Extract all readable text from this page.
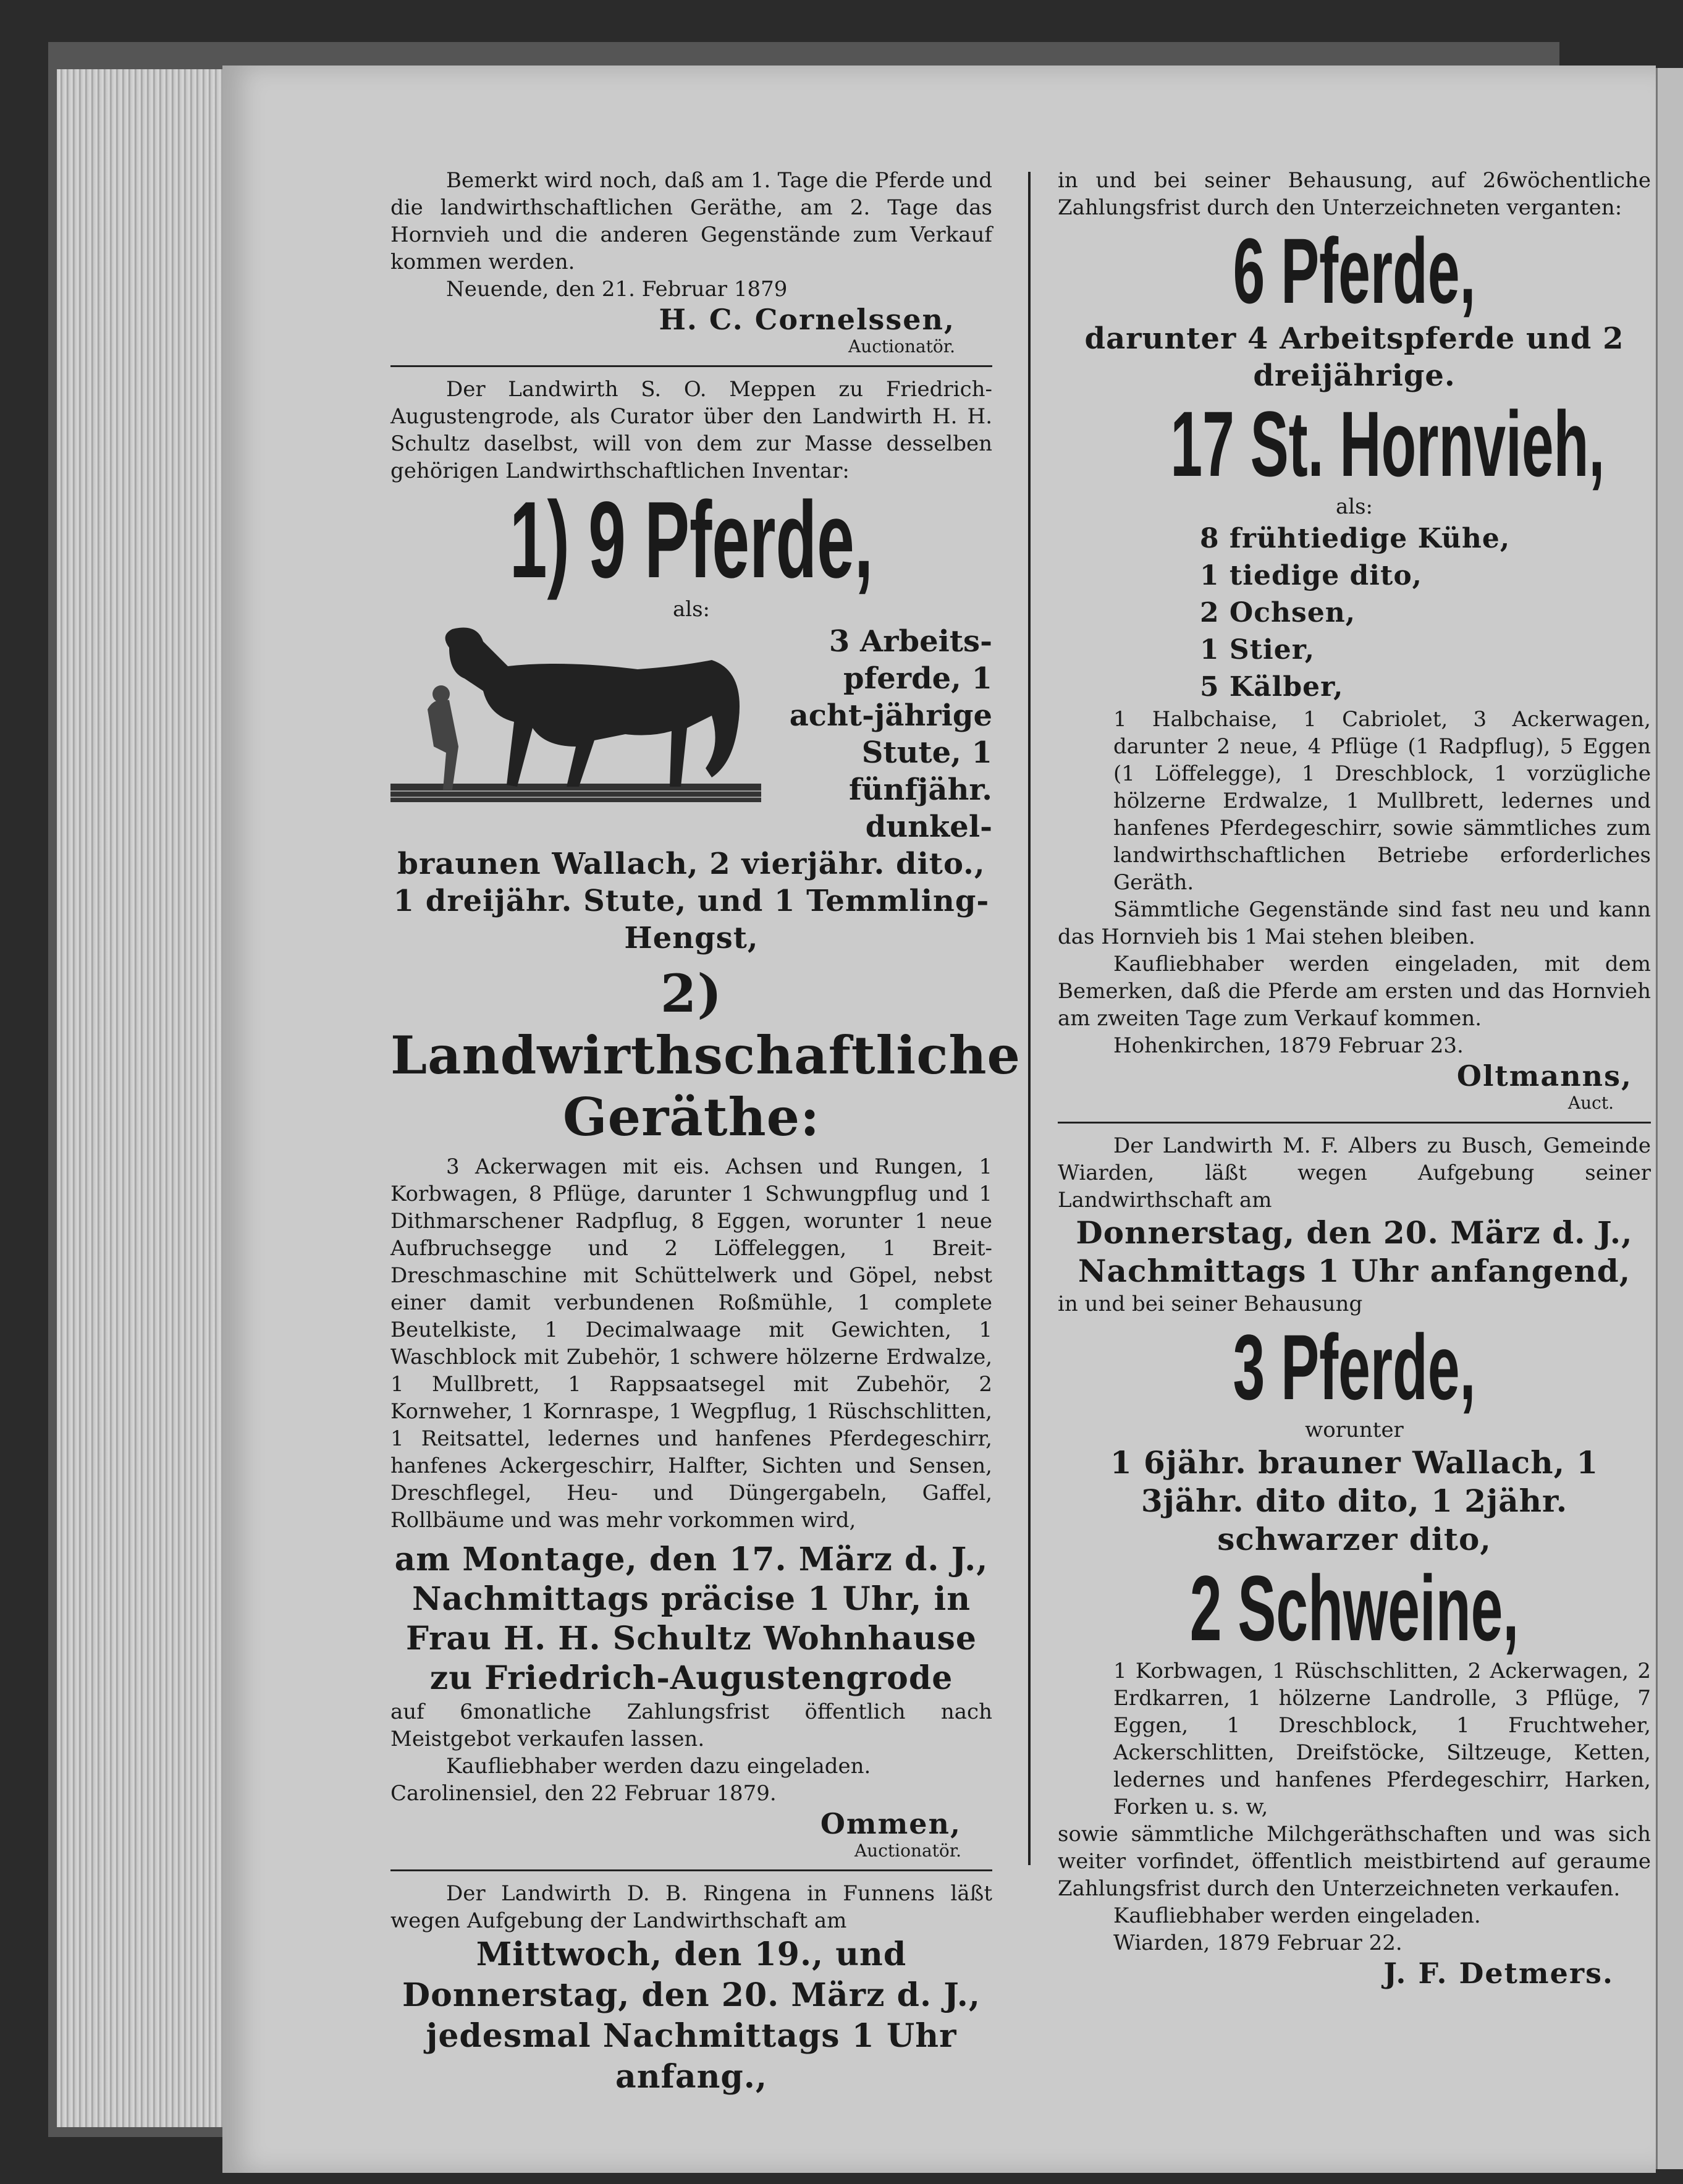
Bemerkt wird noch, daß am 1. Tage die Pferde und die landwirthschaftlichen Geräthe, am 2. Tage das Hornvieh und die anderen Gegenstände zum Verkauf kommen werden.

Neuende, den 21. Februar 1879

H. C. Cornelssen,

Auctionatör.

Der Landwirth S. O. Meppen zu Friedrich-Augustengrode, als Curator über den Landwirth H. H. Schultz daselbst, will von dem zur Masse desselben gehörigen Landwirthschaftlichen Inventar:

1) 9 Pferde,

als:

3 Arbeits-pferde, 1 acht-jährige Stute, 1 fünfjähr. dunkel-

braunen Wallach, 2 vierjähr. dito., 1 dreijähr. Stute, und 1 Temmling-Hengst,

2) Landwirthschaftliche Geräthe:

3 Ackerwagen mit eis. Achsen und Rungen, 1 Korbwagen, 8 Pflüge, darunter 1 Schwungpflug und 1 Dithmarschener Radpflug, 8 Eggen, worunter 1 neue Aufbruchsegge und 2 Löffeleggen, 1 Breit-Dreschmaschine mit Schüttelwerk und Göpel, nebst einer damit verbundenen Roßmühle, 1 complete Beutelkiste, 1 Decimalwaage mit Gewichten, 1 Waschblock mit Zubehör, 1 schwere hölzerne Erdwalze, 1 Mullbrett, 1 Rappsaatsegel mit Zubehör, 2 Kornweher, 1 Kornraspe, 1 Wegpflug, 1 Rüschschlitten, 1 Reitsattel, ledernes und hanfenes Pferdegeschirr, hanfenes Ackergeschirr, Halfter, Sichten und Sensen, Dreschflegel, Heu- und Düngergabeln, Gaffel, Rollbäume und was mehr vorkommen wird,

am Montage, den 17. März d. J., Nachmittags präcise 1 Uhr, in Frau H. H. Schultz Wohnhause zu Friedrich-Augustengrode

auf 6monatliche Zahlungsfrist öffentlich nach Meistgebot verkaufen lassen.

Kaufliebhaber werden dazu eingeladen.

Carolinensiel, den 22 Februar 1879.

Ommen,

Auctionatör.

Der Landwirth D. B. Ringena in Funnens läßt wegen Aufgebung der Landwirthschaft am

Mittwoch, den 19., und Donnerstag, den 20. März d. J., jedesmal Nachmittags 1 Uhr anfang.,

in und bei seiner Behausung, auf 26wöchentliche Zahlungsfrist durch den Unterzeichneten verganten:

6 Pferde,

darunter 4 Arbeitspferde und 2 dreijährige.

17 St. Hornvieh,

als:

8 frühtiedige Kühe,

1 tiedige dito,

2 Ochsen,

1 Stier,

5 Kälber,

1 Halbchaise, 1 Cabriolet, 3 Ackerwagen, darunter 2 neue, 4 Pflüge (1 Radpflug), 5 Eggen (1 Löffelegge), 1 Dreschblock, 1 vorzügliche hölzerne Erdwalze, 1 Mullbrett, ledernes und hanfenes Pferdegeschirr, sowie sämmtliches zum landwirthschaftlichen Betriebe erforderliches Geräth.

Sämmtliche Gegenstände sind fast neu und kann das Hornvieh bis 1 Mai stehen bleiben.

Kaufliebhaber werden eingeladen, mit dem Bemerken, daß die Pferde am ersten und das Hornvieh am zweiten Tage zum Verkauf kommen.

Hohenkirchen, 1879 Februar 23.

Oltmanns,

Auct.

Der Landwirth M. F. Albers zu Busch, Gemeinde Wiarden, läßt wegen Aufgebung seiner Landwirthschaft am

Donnerstag, den 20. März d. J., Nachmittags 1 Uhr anfangend,

in und bei seiner Behausung

3 Pferde,

worunter

1 6jähr. brauner Wallach, 1 3jähr. dito dito, 1 2jähr. schwarzer dito,

2 Schweine,

1 Korbwagen, 1 Rüschschlitten, 2 Ackerwagen, 2 Erdkarren, 1 hölzerne Landrolle, 3 Pflüge, 7 Eggen, 1 Dreschblock, 1 Fruchtweher, Ackerschlitten, Dreifstöcke, Siltzeuge, Ketten, ledernes und hanfenes Pferdegeschirr, Harken, Forken u. s. w,

sowie sämmtliche Milchgeräthschaften und was sich weiter vorfindet, öffentlich meistbirtend auf geraume Zahlungsfrist durch den Unterzeichneten verkaufen.

Kaufliebhaber werden eingeladen.

Wiarden, 1879 Februar 22.

J. F. Detmers.
